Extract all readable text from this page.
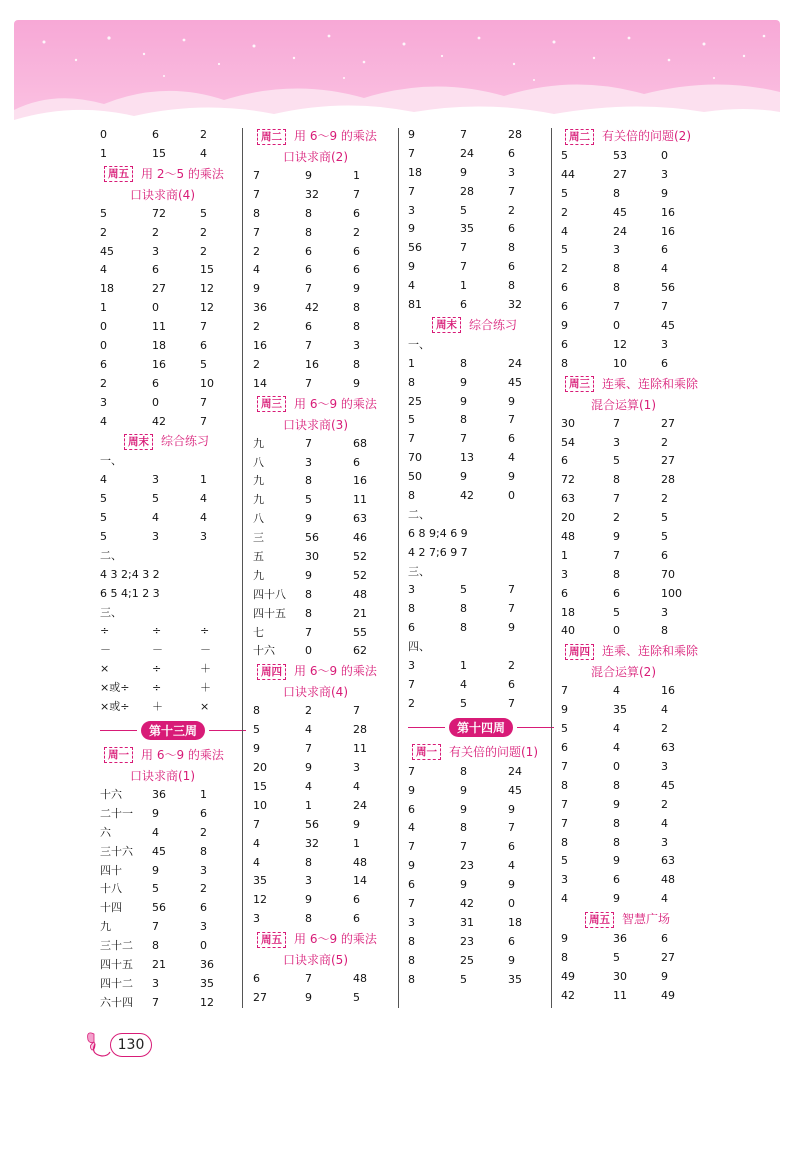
0	6	2
1	15	4
周五	用 2～5 的乘法
口诀求商(4)
5	72	5
2	2	2
45	3	2
4	6	15
18	27	12
1	0	12
0	11	7
0	18	6
6	16	5
2	6	10
3	0	7
4	42	7
周末	综合练习
一、
4	3	1
5	5	4
5	4	4
5	3	3
二、
4 3 2;4 3 2
6 5 4;1 2 3
三、
÷	÷	÷
－	－	－
×	÷	＋
×或÷	÷	＋
×或÷	＋	×
第十三周
周一	用 6～9 的乘法
口诀求商(1)
十六	36	1
二十一	9	6
六	4	2
三十六	45	8
四十	9	3
十八	5	2
十四	56	6
九	7	3
三十二	8	0
四十五	21	36
四十二	3	35
六十四	7	12
周二	用 6～9 的乘法
口诀求商(2)
7	9	1
7	32	7
8	8	6
7	8	2
2	6	6
4	6	6
9	7	9
36	42	8
2	6	8
16	7	3
2	16	8
14	7	9
周三	用 6～9 的乘法
口诀求商(3)
九	7	68
八	3	6
九	8	16
九	5	11
八	9	63
三	56	46
五	30	52
九	9	52
四十八	8	48
四十五	8	21
七	7	55
十六	0	62
周四	用 6～9 的乘法
口诀求商(4)
8	2	7
5	4	28
9	7	11
20	9	3
15	4	4
10	1	24
7	56	9
4	32	1
4	8	48
35	3	14
12	9	6
3	8	6
周五	用 6～9 的乘法
口诀求商(5)
6	7	48
27	9	5
9	7	28
7	24	6
18	9	3
7	28	7
3	5	2
9	35	6
56	7	8
9	7	6
4	1	8
81	6	32
周末	综合练习
一、
1	8	24
8	9	45
25	9	9
5	8	7
7	7	6
70	13	4
50	9	9
8	42	0
二、
6 8 9;4 6 9
4 2 7;6 9 7
三、
3	5	7
8	8	7
6	8	9
四、
3	1	2
7	4	6
2	5	7
第十四周
周一	有关倍的问题(1)
7	8	24
9	9	45
6	9	9
4	8	7
7	7	6
9	23	4
6	9	9
7	42	0
3	31	18
8	23	6
8	25	9
8	5	35
周二	有关倍的问题(2)
5	53	0
44	27	3
5	8	9
2	45	16
4	24	16
5	3	6
2	8	4
6	8	56
6	7	7
9	0	45
6	12	3
8	10	6
周三	连乘、连除和乘除
混合运算(1)
30	7	27
54	3	2
6	5	27
72	8	28
63	7	2
20	2	5
48	9	5
1	7	6
3	8	70
6	6	100
18	5	3
40	0	8
周四	连乘、连除和乘除
混合运算(2)
7	4	16
9	35	4
5	4	2
6	4	63
7	0	3
8	8	45
7	9	2
7	8	4
8	8	3
5	9	63
3	6	48
4	9	4
周五	智慧广场
9	36	6
8	5	27
49	30	9
42	11	49
130
